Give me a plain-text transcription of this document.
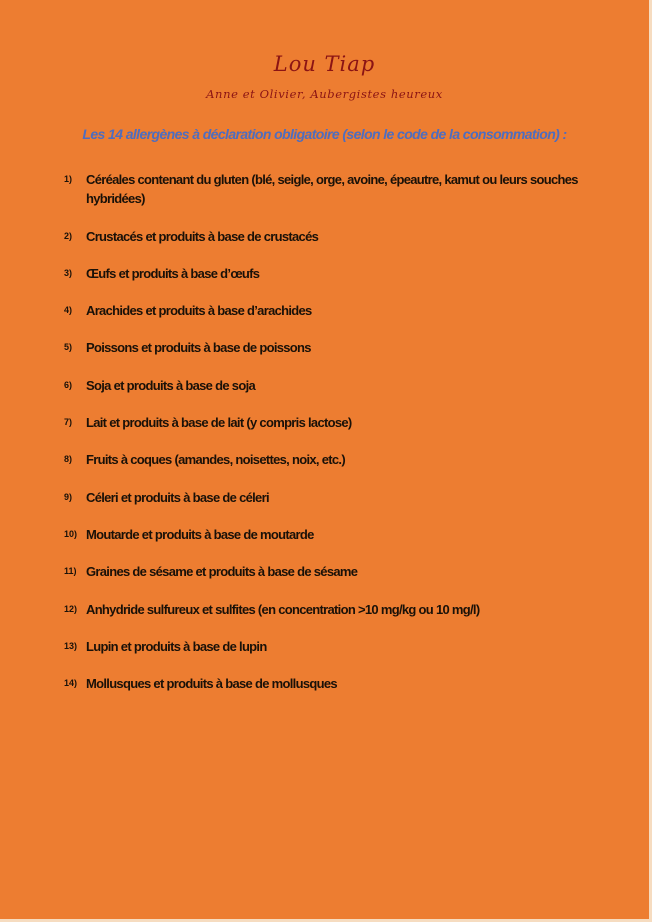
Lou Tiap
Anne et Olivier, Aubergistes heureux
Les 14 allergènes à déclaration obligatoire (selon le code de la consommation) :
1)	Céréales contenant du gluten (blé, seigle, orge, avoine, épeautre, kamut ou leurs souches hybridées)
2)	Crustacés et produits à base de crustacés
3)	Œufs et produits à base d’œufs
4)	Arachides et produits à base d’arachides
5)	Poissons et produits à base de poissons
6)	Soja et produits à base de soja
7)	Lait et produits à base de lait (y compris lactose)
8)	Fruits à coques (amandes, noisettes, noix, etc.)
9)	Céleri et produits à base de céleri
10) Moutarde et produits à base de moutarde
11) Graines de sésame et produits à base de sésame
12) Anhydride sulfureux et sulfites (en concentration >10 mg/kg ou 10 mg/l)
13) Lupin et produits à base de lupin
14) Mollusques et produits à base de mollusques
